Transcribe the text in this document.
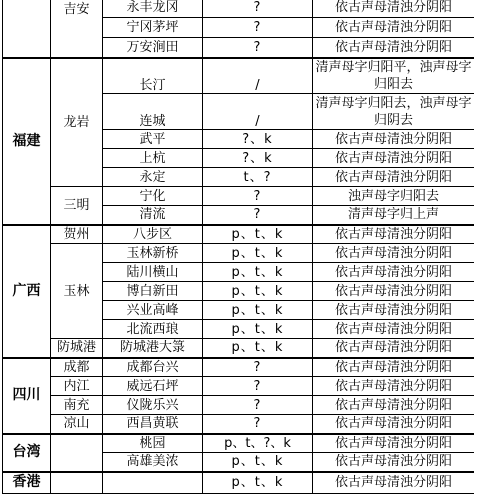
	吉安	永丰龙冈	?	依古声母清浊分阴阳
		宁冈茅坪	?	依古声母清浊分阴阳
		万安涧田	?	依古声母清浊分阴阳
福建	龙岩	长汀	/	清声母字归阳平，浊声母字归阳去
		连城	/	清声母字归阳去，浊声母字归阴去
		武平	?、k	依古声母清浊分阴阳
		上杭	?、k	依古声母清浊分阴阳
		永定	t、?	依古声母清浊分阴阳
	三明	宁化	?	浊声母字归阳去
		清流	?	清声母字归上声
广西	贺州	八步区	p、t、k	依古声母清浊分阴阳
	玉林	玉林新桥	p、t、k	依古声母清浊分阴阳
		陆川横山	p、t、k	依古声母清浊分阴阳
		博白新田	p、t、k	依古声母清浊分阴阳
		兴业高峰	p、t、k	依古声母清浊分阴阳
		北流西琅	p、t、k	依古声母清浊分阴阳
	防城港	防城港大箓	p、t、k	依古声母清浊分阴阳
四川	成都	成都台兴	?	依古声母清浊分阴阳
	内江	威远石坪	?	依古声母清浊分阴阳
	南充	仪陇乐兴	?	依古声母清浊分阴阳
	凉山	西昌黄联	?	依古声母清浊分阴阳
台湾		桃园	p、t、?、k	依古声母清浊分阴阳
		高雄美浓	p、t、k	依古声母清浊分阴阳
香港			p、t、k	依古声母清浊分阴阳
